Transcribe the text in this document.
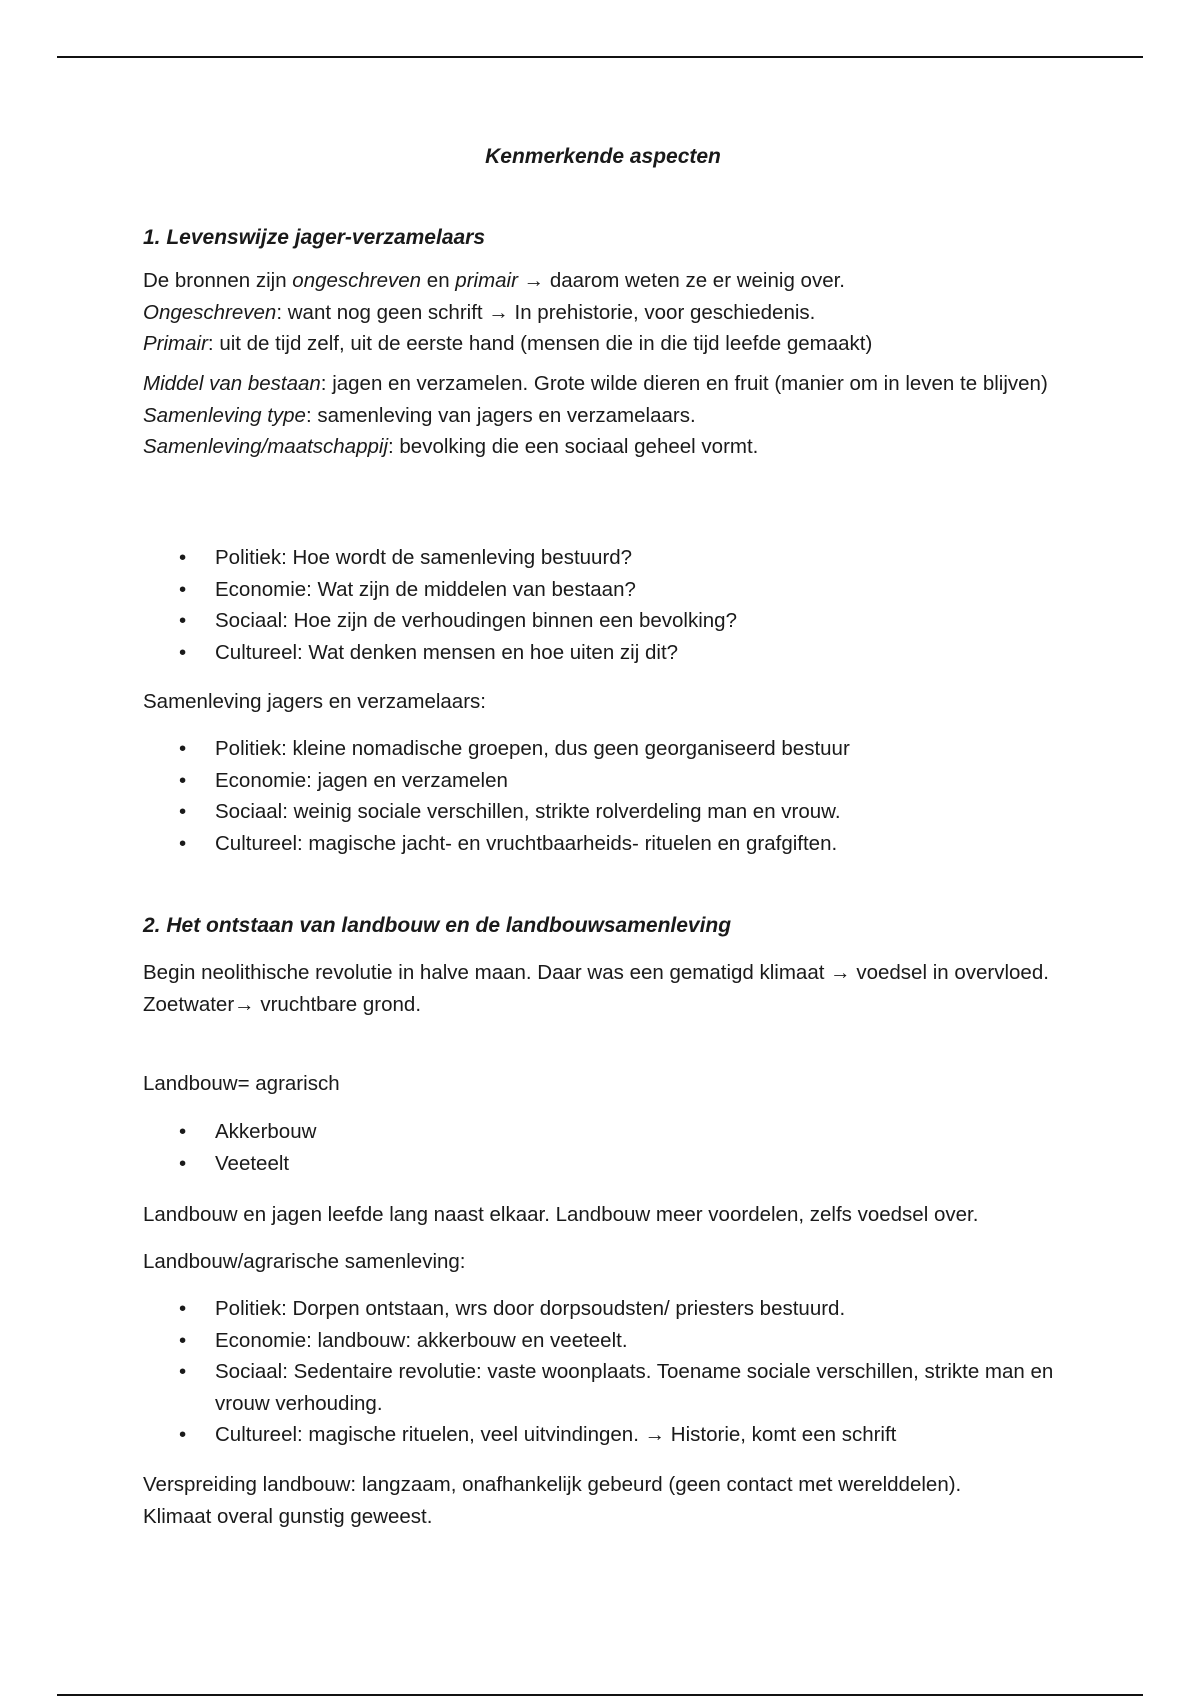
Kenmerkende aspecten
1. Levenswijze jager-verzamelaars

De bronnen zijn ongeschreven en primair → daarom weten ze er weinig over.

Ongeschreven: want nog geen schrift → In prehistorie, voor geschiedenis.

Primair: uit de tijd zelf, uit de eerste hand (mensen die in die tijd leefde gemaakt)

Middel van bestaan: jagen en verzamelen. Grote wilde dieren en fruit (manier om in leven te blijven)

Samenleving type: samenleving van jagers en verzamelaars.

Samenleving/maatschappij: bevolking die een sociaal geheel vormt.

• Politiek: Hoe wordt de samenleving bestuurd?
• Economie: Wat zijn de middelen van bestaan?
• Sociaal: Hoe zijn de verhoudingen binnen een bevolking?
• Cultureel: Wat denken mensen en hoe uiten zij dit?
Samenleving jagers en verzamelaars:
• Politiek: kleine nomadische groepen, dus geen georganiseerd bestuur
• Economie: jagen en verzamelen
• Sociaal: weinig sociale verschillen, strikte rolverdeling man en vrouw.
• Cultureel: magische jacht- en vruchtbaarheids- rituelen en grafgiften.
2. Het ontstaan van landbouw en de landbouwsamenleving

Begin neolithische revolutie in halve maan. Daar was een gematigd klimaat → voedsel in overvloed.

Zoetwater→ vruchtbare grond.

Landbouw= agrarisch
• Akkerbouw
• Veeteelt
Landbouw en jagen leefde lang naast elkaar. Landbouw meer voordelen, zelfs voedsel over.
Landbouw/agrarische samenleving:
• Politiek: Dorpen ontstaan, wrs door dorpsoudsten/ priesters bestuurd.
• Economie: landbouw: akkerbouw en veeteelt.
• Sociaal: Sedentaire revolutie: vaste woonplaats. Toename sociale verschillen, strikte man en vrouw verhouding.
• Cultureel: magische rituelen, veel uitvindingen. → Historie, komt een schrift

Verspreiding landbouw: langzaam, onafhankelijk gebeurd (geen contact met werelddelen).

Klimaat overal gunstig geweest.
